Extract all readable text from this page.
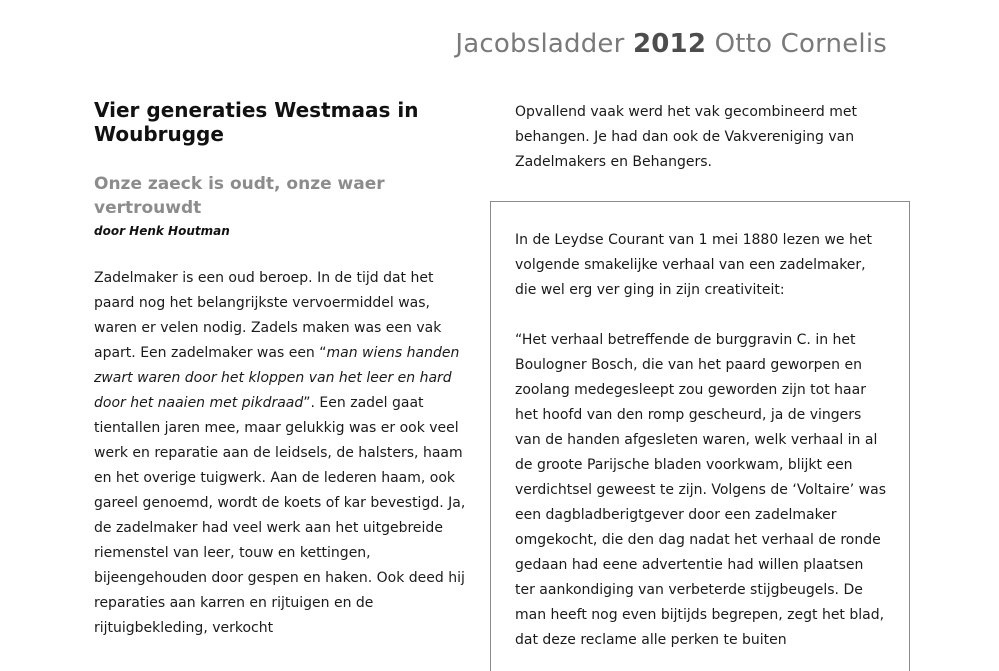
Jacobsladder 2012 Otto Cornelis
Vier generaties Westmaas in Woubrugge
Onze zaeck is oudt, onze waer vertrouwdt
door Henk Houtman

Zadelmaker is een oud beroep. In de tijd dat het paard nog het belangrijkste vervoermiddel was, waren er velen nodig. Zadels maken was een vak apart. Een zadelmaker was een “man wiens handen zwart waren door het kloppen van het leer en hard door het naaien met pikdraad”. Een zadel gaat tientallen jaren mee, maar gelukkig was er ook veel werk en reparatie aan de leidsels, de halsters, haam en het overige tuigwerk. Aan de lederen haam, ook gareel genoemd, wordt de koets of kar bevestigd. Ja, de zadelmaker had veel werk aan het uitgebreide riemenstel van leer, touw en kettingen, bijeengehouden door gespen en haken. Ook deed hij reparaties aan karren en rijtuigen en de rijtuigbekleding, verkocht

Opvallend vaak werd het vak gecombineerd met behangen. Je had dan ook de Vakvereniging van Zadelmakers en Behangers.

In de Leydse Courant van 1 mei 1880 lezen we het volgende smakelijke verhaal van een zadelmaker, die wel erg ver ging in zijn creativiteit:

“Het verhaal betreffende de burggravin C. in het Boulogner Bosch, die van het paard geworpen en zoolang medegesleept zou geworden zijn tot haar het hoofd van den romp gescheurd, ja de vingers van de handen afgesleten waren, welk verhaal in al de groote Parijsche bladen voorkwam, blijkt een verdichtsel geweest te zijn. Volgens de ‘Voltaire’ was een dagbladberigtgever door een zadelmaker omgekocht, die den dag nadat het verhaal de ronde gedaan had eene advertentie had willen plaatsen ter aankondiging van verbeterde stijgbeugels. De man heeft nog even bijtijds begrepen, zegt het blad, dat deze reclame alle perken te buiten
